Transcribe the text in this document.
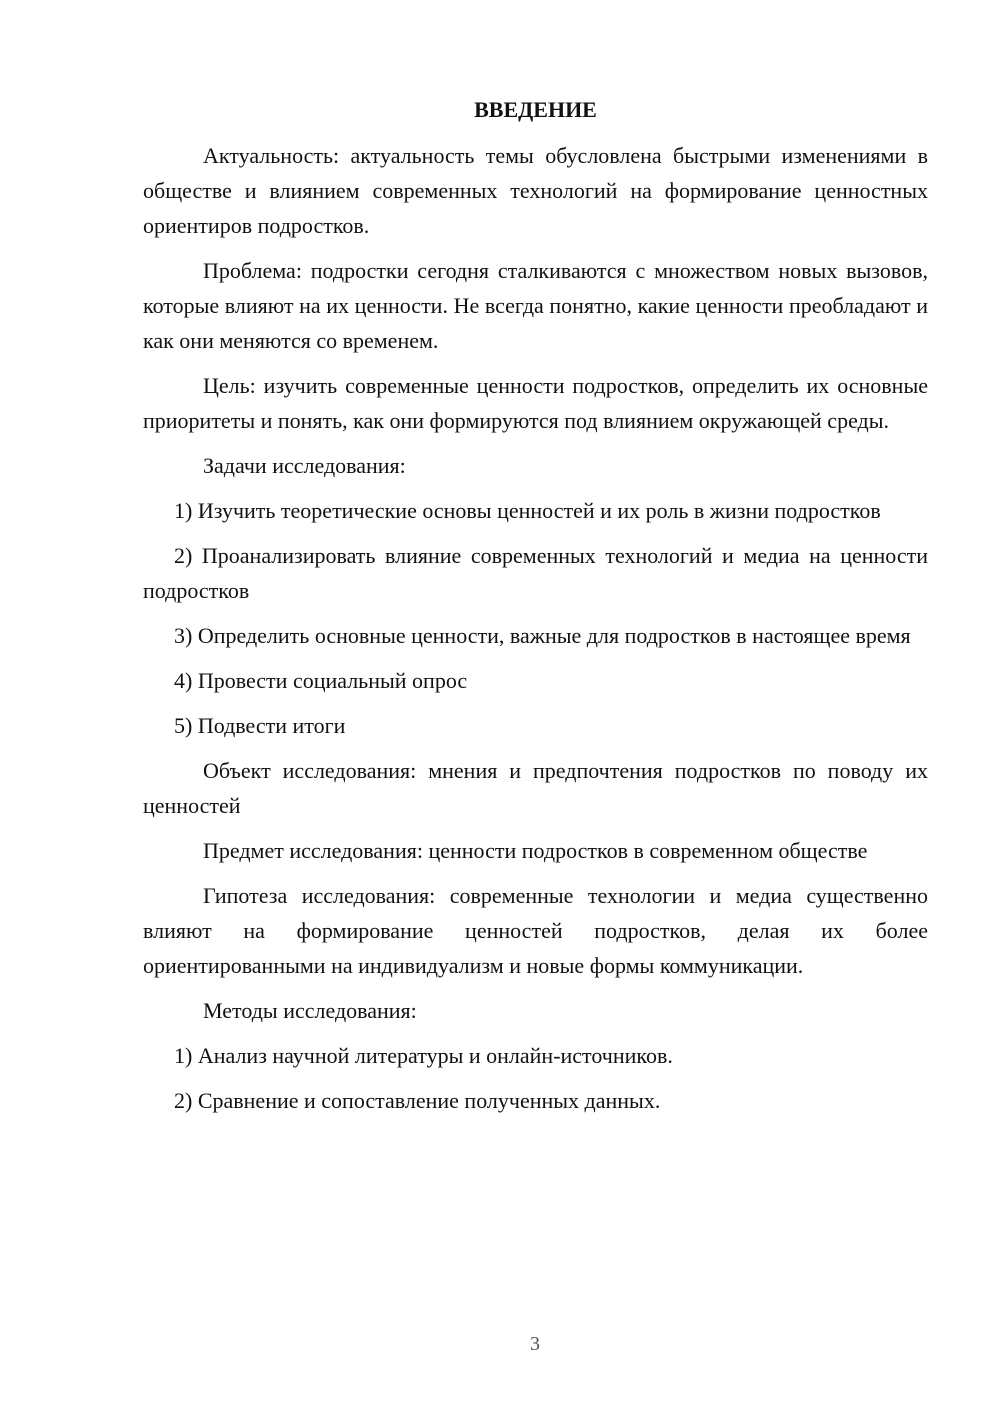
ВВЕДЕНИЕ

Актуальность: актуальность темы обусловлена быстрыми изменениями в обществе и влиянием современных технологий на формирование ценностных ориентиров подростков.

Проблема: подростки сегодня сталкиваются с множеством новых вызовов, которые влияют на их ценности. Не всегда понятно, какие ценности преобладают и как они меняются со временем.

Цель: изучить современные ценности подростков, определить их основные приоритеты и понять, как они формируются под влиянием окружающей среды.

Задачи исследования:

1) Изучить теоретические основы ценностей и их роль в жизни подростков

2) Проанализировать влияние современных технологий и медиа на ценности подростков

3) Определить основные ценности, важные для подростков в настоящее время

4) Провести социальный опрос

5) Подвести итоги

Объект исследования: мнения и предпочтения подростков по поводу их ценностей

Предмет исследования: ценности подростков в современном обществе

Гипотеза исследования: современные технологии и медиа существенно влияют на формирование ценностей подростков, делая их более ориентированными на индивидуализм и новые формы коммуникации.

Методы исследования:

1) Анализ научной литературы и онлайн-источников.

2) Сравнение и сопоставление полученных данных.

3
